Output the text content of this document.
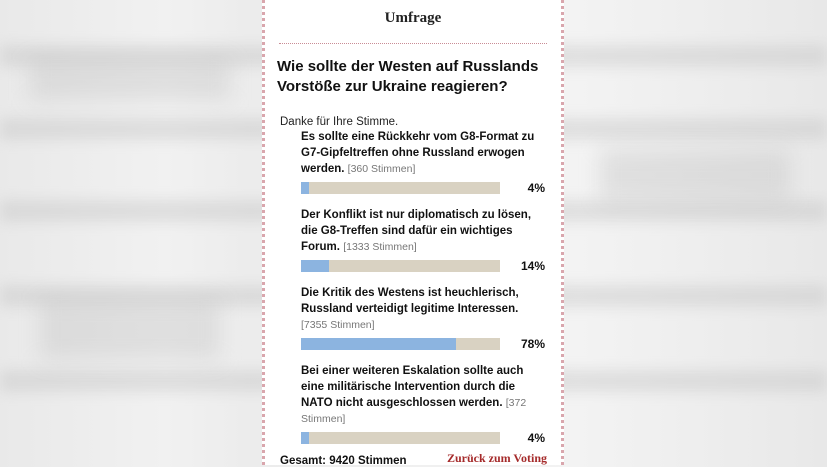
Umfrage
Wie sollte der Westen auf Russlands Vorstöße zur Ukraine reagieren?
Danke für Ihre Stimme.
Es sollte eine Rückkehr vom G8-Format zu G7-Gipfeltreffen ohne Russland erwogen werden. [360 Stimmen]
4%
Der Konflikt ist nur diplomatisch zu lösen, die G8-Treffen sind dafür ein wichtiges Forum. [1333 Stimmen]
14%
Die Kritik des Westens ist heuchlerisch, Russland verteidigt legitime Interessen. [7355 Stimmen]
78%
Bei einer weiteren Eskalation sollte auch eine militärische Intervention durch die NATO nicht ausgeschlossen werden. [372 Stimmen]
4%
Gesamt: 9420 Stimmen	Zurück zum Voting
